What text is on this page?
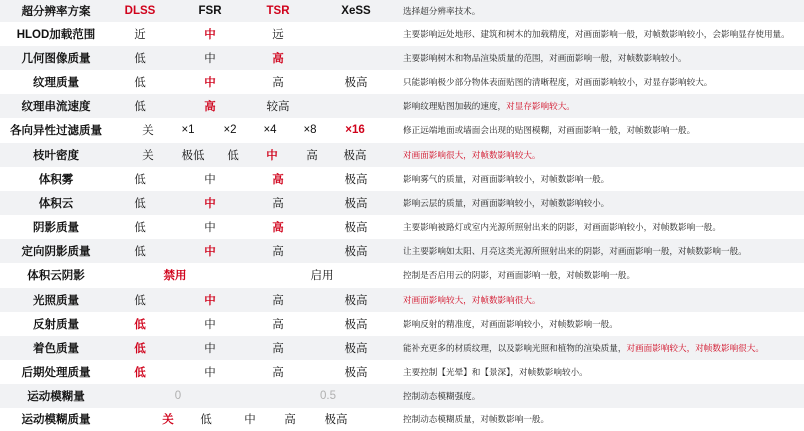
超分辨率方案	DLSS	FSR	TSR	XeSS	选择超分辨率技术。
HLOD加载范围	近	中	远	主要影响远处地形、建筑和树木的加载精度，对画面影响一般，对帧数影响较小，会影响显存使用量。
几何图像质量	低	中	高	主要影响树木和物品渲染质量的范围，对画面影响一般，对帧数影响较小。
纹理质量	低	中	高	极高	只能影响极少部分物体表面贴图的清晰程度，对画面影响较小，对显存影响较大。
纹理串流速度	低	高	较高	影响纹理贴图加载的速度，对显存影响较大。
各向异性过滤质量	关 ×1	×2 ×4 ×8 ×16	修正远端地面或墙面会出现的贴图模糊，对画面影响一般，对帧数影响一般。
枝叶密度	关 极低 低 中 高 极高	对画面影响很大，对帧数影响较大。
体积雾	低	中	高	极高	影响雾气的质量，对画面影响较小，对帧数影响一般。
体积云	低	中	高	极高	影响云层的质量，对画面影响较小，对帧数影响较小。
阴影质量	低	中	高	极高	主要影响被路灯或室内光源所照射出来的阴影，对画面影响较小，对帧数影响一般。
定向阴影质量	低	中	高	极高	让主要影响如太阳、月亮这类光源所照射出来的阴影，对画面影响一般，对帧数影响一般。
体积云阴影	禁用	启用	控制是否启用云的阴影，对画面影响一般，对帧数影响一般。
光照质量	低	中	高	极高	对画面影响较大，对帧数影响很大。
反射质量	低	中	高	极高	影响反射的精准度，对画面影响较小，对帧数影响一般。
着色质量	低	中	高	极高	能补充更多的材质纹理，以及影响光照和植物的渲染质量，对画面影响较大，对帧数影响很大。
后期处理质量	低	中	高	极高	主要控制【光晕】和【景深】，对帧数影响较小。
运动模糊量	0	0.5	控制动态模糊强度。
运动模糊质量	关 低	中 高	极高	控制动态模糊质量，对帧数影响一般。
